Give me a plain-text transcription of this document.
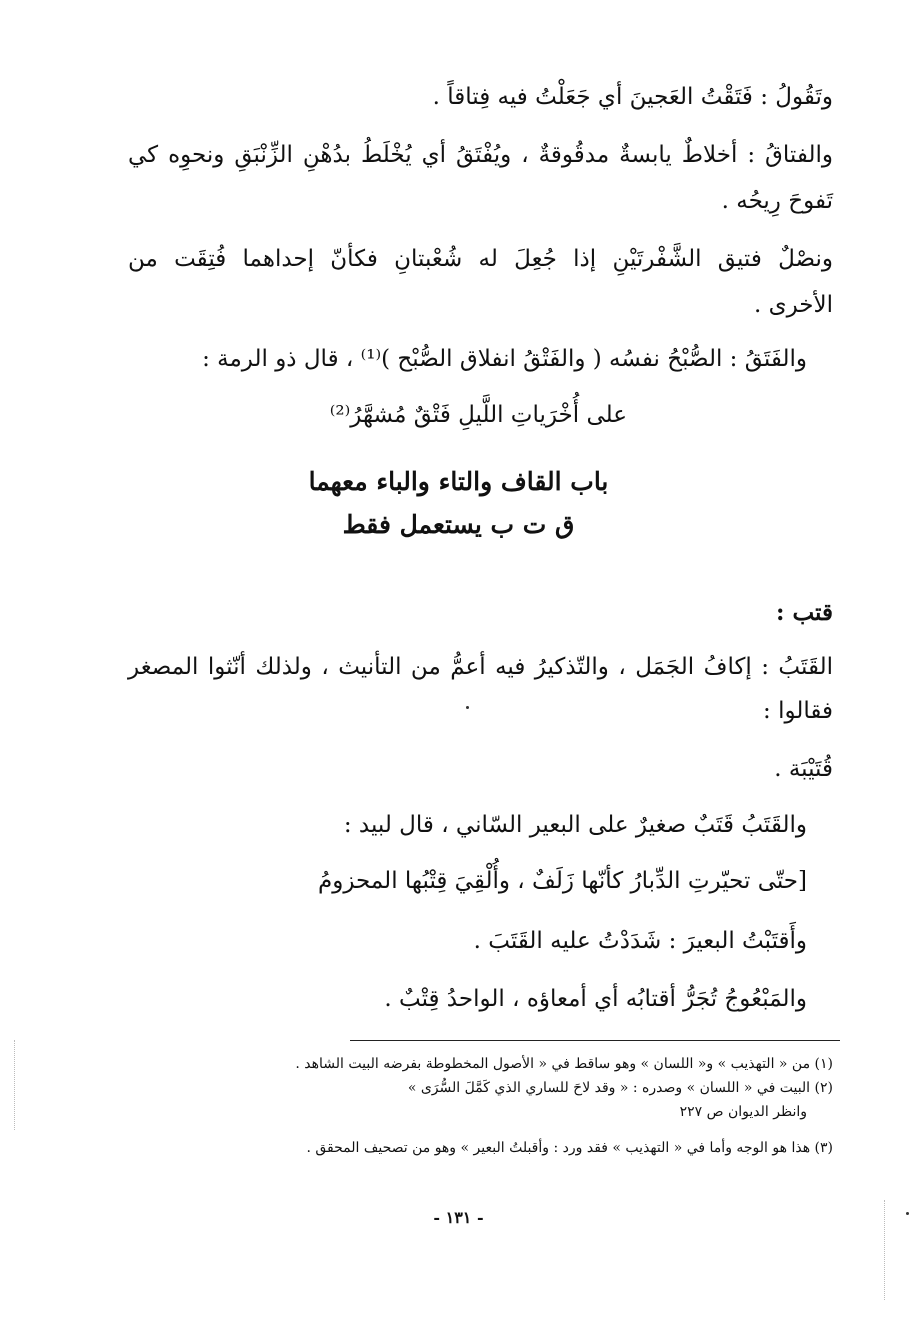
وتَقُولُ : فَتَقْتُ العَجينَ أي جَعَلْتُ فيه فِتاقاً .
والفتاقُ : أخلاطٌ يابسةٌ مدقُوقةٌ ، ويُفْتَقُ أي يُخْلَطُ بدُهْنِ الزِّنْبَقِ ونحوِه كي
تَفوحَ رِيحُه .
ونصْلٌ فتيق الشَّفْرتَيْنِ إذا جُعِلَ له شُعْبتانِ فكأنّ إحداهما فُتِقَت من
الأخرى .
والفَتَقُ : الصُّبْحُ نفسُه ( والفَتْقُ انفلاق الصُّبْح )⁽¹⁾ ، قال ذو الرمة :
على أُخْرَياتِ اللَّيلِ فَتْقٌ مُشهَّرُ⁽²⁾
باب القاف والتاء والباء معهما
ق ت ب يستعمل فقط
قتب :
القَتَبُ : إكافُ الجَمَل ، والتّذكيرُ فيه أعمُّ من التأنيث ، ولذلك أنّثوا المصغر
فقالوا :
قُتَيْبَة .
والقَتَبُ قَتَبٌ صغيرٌ على البعير السّاني ، قال لبيد :
[حتّى تحيّرتِ الدِّبارُ كأنّها زَلَفٌ ، وأُلْقِيَ قِتْبُها المحزومُ
وأَقتَبْتُ البعيرَ : شَدَدْتُ عليه القَتَبَ .
والمَبْعُوجُ تُجَرُّ أقتابُه أي أمعاؤه ، الواحدُ قِتْبٌ .
(١) من « التهذيب » و« اللسان » وهو ساقط في « الأصول المخطوطة بفرضه البيت الشاهد .
(٢) البيت في « اللسان » وصدره : « وقد لاحَ للساري الذي كَمَّلَ السُّرَى »
وانظر الديوان ص ٢٢٧
(٣) هذا هو الوجه وأما في « التهذيب » فقد ورد : وأقبلتُ البعير » وهو من تصحيف المحقق .
- ١٣١ -
